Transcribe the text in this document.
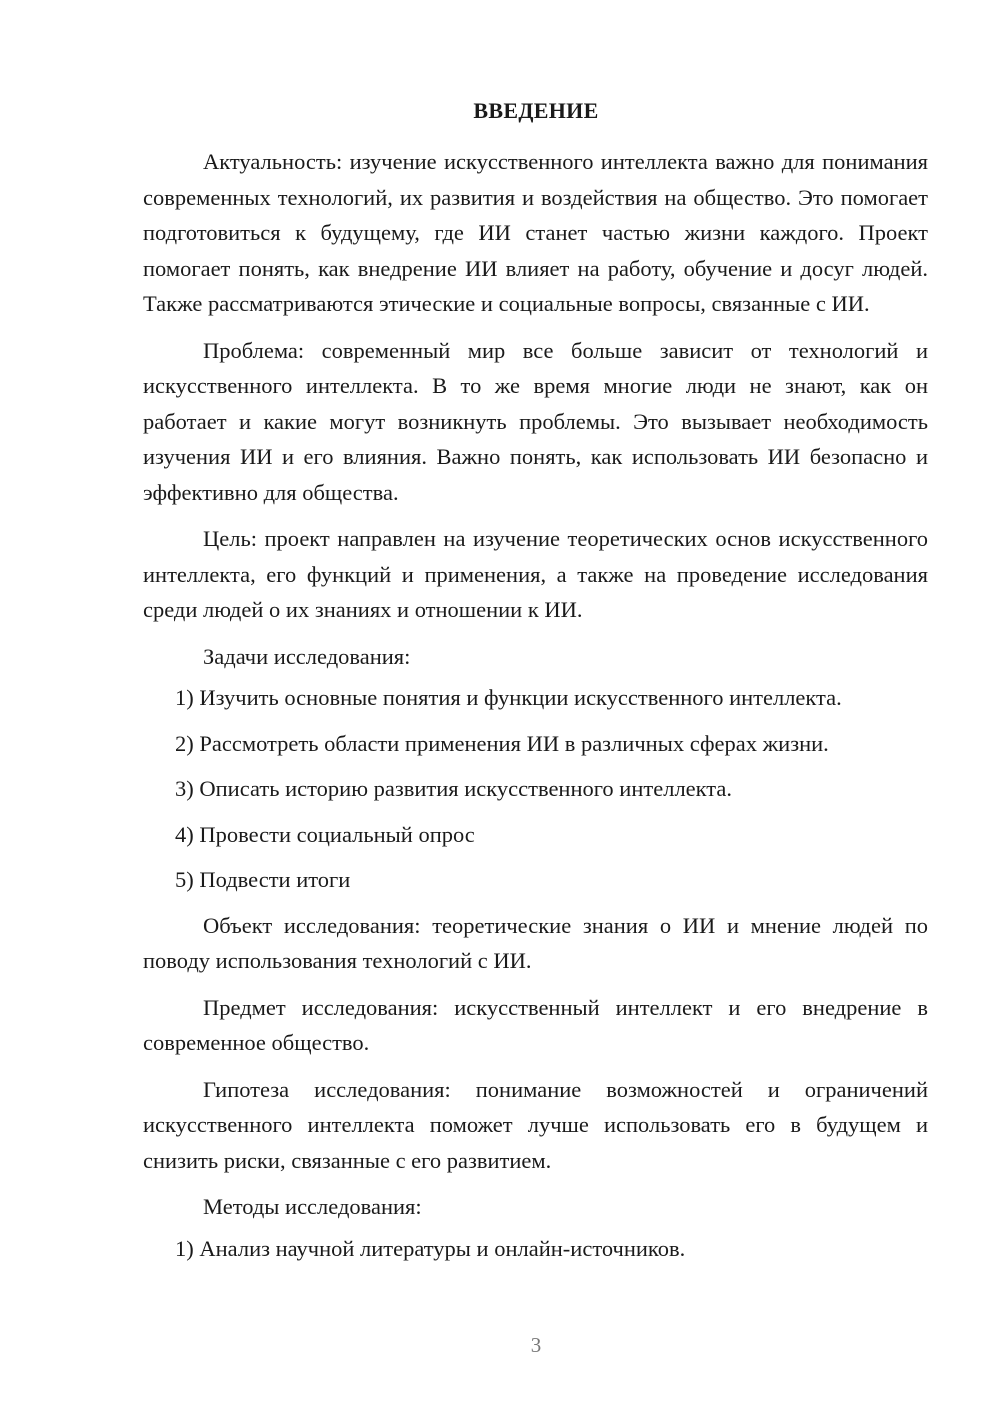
ВВЕДЕНИЕ

Актуальность: изучение искусственного интеллекта важно для понимания современных технологий, их развития и воздействия на общество. Это помогает подготовиться к будущему, где ИИ станет частью жизни каждого. Проект помогает понять, как внедрение ИИ влияет на работу, обучение и досуг людей. Также рассматриваются этические и социальные вопросы, связанные с ИИ.

Проблема: современный мир все больше зависит от технологий и искусственного интеллекта. В то же время многие люди не знают, как он работает и какие могут возникнуть проблемы. Это вызывает необходимость изучения ИИ и его влияния. Важно понять, как использовать ИИ безопасно и эффективно для общества.

Цель: проект направлен на изучение теоретических основ искусственного интеллекта, его функций и применения, а также на проведение исследования среди людей о их знаниях и отношении к ИИ.

Задачи исследования:

1) Изучить основные понятия и функции искусственного интеллекта.
2) Рассмотреть области применения ИИ в различных сферах жизни.
3) Описать историю развития искусственного интеллекта.
4) Провести социальный опрос
5) Подвести итоги

Объект исследования: теоретические знания о ИИ и мнение людей по поводу использования технологий с ИИ.

Предмет исследования: искусственный интеллект и его внедрение в современное общество.

Гипотеза исследования: понимание возможностей и ограничений искусственного интеллекта поможет лучше использовать его в будущем и снизить риски, связанные с его развитием.

Методы исследования:

1) Анализ научной литературы и онлайн-источников.
3
